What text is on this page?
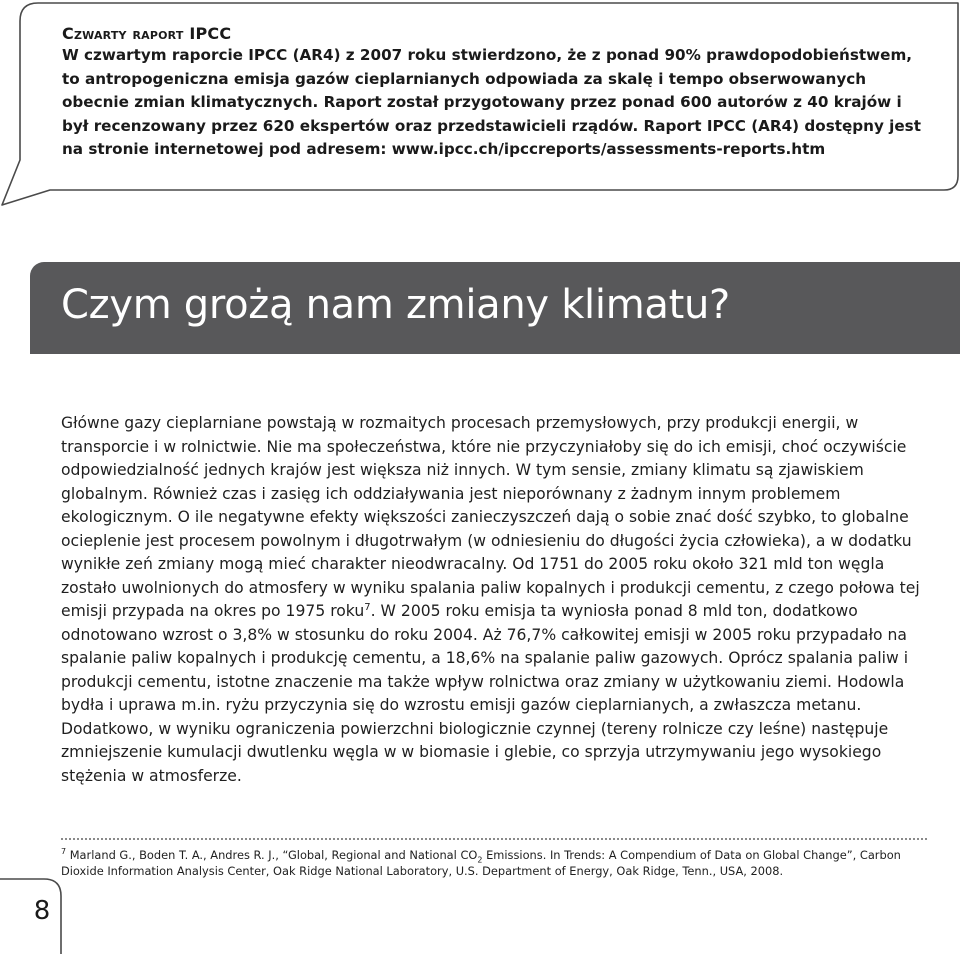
Czwarty raport IPCC
W czwartym raporcie IPCC (AR4) z 2007 roku stwierdzono, że z ponad 90% prawdopodobieństwem, to antropogeniczna emisja gazów cieplarnianych odpowiada za skalę i tempo obserwowanych obecnie zmian klimatycznych. Raport został przygotowany przez ponad 600 autorów z 40 krajów i był recenzowany przez 620 ekspertów oraz przedstawicieli rządów. Raport IPCC (AR4) dostępny jest na stronie internetowej pod adresem: www.ipcc.ch/ipccreports/assessments-reports.htm
Czym grożą nam zmiany klimatu?

Główne gazy cieplarniane powstają w rozmaitych procesach przemysłowych, przy produkcji energii, w transporcie i w rolnictwie. Nie ma społeczeństwa, które nie przyczyniałoby się do ich emisji, choć oczywiście odpowiedzialność jednych krajów jest większa niż innych. W tym sensie, zmiany klimatu są zjawiskiem globalnym. Również czas i zasięg ich oddziaływania jest nieporównany z żadnym innym problemem ekologicznym. O ile negatywne efekty większości zanieczyszczeń dają o sobie znać dość szybko, to globalne ocieplenie jest procesem powolnym i długotrwałym (w odniesieniu do długości życia człowieka), a w dodatku wynikłe zeń zmiany mogą mieć charakter nieodwracalny. Od 1751 do 2005 roku około 321 mld ton węgla zostało uwolnionych do atmosfery w wyniku spalania paliw kopalnych i produkcji cementu, z czego połowa tej emisji przypada na okres po 1975 roku$^7$. W 2005 roku emisja ta wyniosła ponad 8 mld ton, dodatkowo odnotowano wzrost o 3,8% w stosunku do roku 2004. Aż 76,7% całkowitej emisji w 2005 roku przypadało na spalanie paliw kopalnych i produkcję cementu, a 18,6% na spalanie paliw gazowych. Oprócz spalania paliw i produkcji cementu, istotne znaczenie ma także wpływ rolnictwa oraz zmiany w użytkowaniu ziemi. Hodowla bydła i uprawa m.in. ryżu przyczynia się do wzrostu emisji gazów cieplarnianych, a zwłaszcza metanu. Dodatkowo, w wyniku ograniczenia powierzchni biologicznie czynnej (tereny rolnicze czy leśne) następuje zmniejszenie kumulacji dwutlenku węgla w w biomasie i glebie, co sprzyja utrzymywaniu jego wysokiego stężenia w atmosferze.

$^7$ Marland G., Boden T. A., Andres R. J., “Global, Regional and National $CO_2$ Emissions. In Trends: A Compendium of Data on Global Change”, Carbon Dioxide Information Analysis Center, Oak Ridge National Laboratory, U.S. Department of Energy, Oak Ridge, Tenn., USA, 2008.

8
